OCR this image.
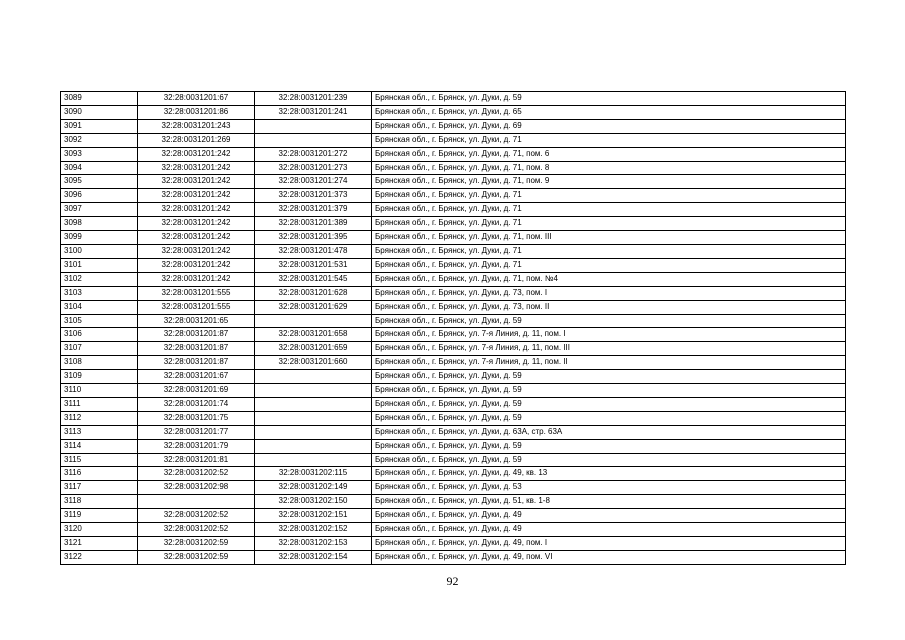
3089	32:28:0031201:67	32:28:0031201:239	Брянская обл., г. Брянск, ул. Дуки, д. 59
3090	32:28:0031201:86	32:28:0031201:241	Брянская обл., г. Брянск, ул. Дуки, д. 65
3091	32:28:0031201:243		Брянская обл., г. Брянск, ул. Дуки, д. 69
3092	32:28:0031201:269		Брянская обл., г. Брянск, ул. Дуки, д. 71
3093	32:28:0031201:242	32:28:0031201:272	Брянская обл., г. Брянск, ул. Дуки, д. 71, пом. 6
3094	32:28:0031201:242	32:28:0031201:273	Брянская обл., г. Брянск, ул. Дуки, д. 71, пом. 8
3095	32:28:0031201:242	32:28:0031201:274	Брянская обл., г. Брянск, ул. Дуки, д. 71, пом. 9
3096	32:28:0031201:242	32:28:0031201:373	Брянская обл., г. Брянск, ул. Дуки, д. 71
3097	32:28:0031201:242	32:28:0031201:379	Брянская обл., г. Брянск, ул. Дуки, д. 71
3098	32:28:0031201:242	32:28:0031201:389	Брянская обл., г. Брянск, ул. Дуки, д. 71
3099	32:28:0031201:242	32:28:0031201:395	Брянская обл., г. Брянск, ул. Дуки, д. 71, пом. III
3100	32:28:0031201:242	32:28:0031201:478	Брянская обл., г. Брянск, ул. Дуки, д. 71
3101	32:28:0031201:242	32:28:0031201:531	Брянская обл., г. Брянск, ул. Дуки, д. 71
3102	32:28:0031201:242	32:28:0031201:545	Брянская обл., г. Брянск, ул. Дуки, д. 71, пом. №4
3103	32:28:0031201:555	32:28:0031201:628	Брянская обл., г. Брянск, ул. Дуки, д. 73, пом. I
3104	32:28:0031201:555	32:28:0031201:629	Брянская обл., г. Брянск, ул. Дуки, д. 73, пом. II
3105	32:28:0031201:65		Брянская обл., г. Брянск, ул. Дуки, д. 59
3106	32:28:0031201:87	32:28:0031201:658	Брянская обл., г. Брянск, ул. 7-я Линия, д. 11, пом. I
3107	32:28:0031201:87	32:28:0031201:659	Брянская обл., г. Брянск, ул. 7-я Линия, д. 11, пом. III
3108	32:28:0031201:87	32:28:0031201:660	Брянская обл., г. Брянск, ул. 7-я Линия, д. 11, пом. II
3109	32:28:0031201:67		Брянская обл., г. Брянск, ул. Дуки, д. 59
3110	32:28:0031201:69		Брянская обл., г. Брянск, ул. Дуки, д. 59
3111	32:28:0031201:74		Брянская обл., г. Брянск, ул. Дуки, д. 59
3112	32:28:0031201:75		Брянская обл., г. Брянск, ул. Дуки, д. 59
3113	32:28:0031201:77		Брянская обл., г. Брянск, ул. Дуки, д. 63А, стр. 63А
3114	32:28:0031201:79		Брянская обл., г. Брянск, ул. Дуки, д. 59
3115	32:28:0031201:81		Брянская обл., г. Брянск, ул. Дуки, д. 59
3116	32:28:0031202:52	32:28:0031202:115	Брянская обл., г. Брянск, ул. Дуки, д. 49, кв. 13
3117	32:28:0031202:98	32:28:0031202:149	Брянская обл., г. Брянск, ул. Дуки, д. 53
3118		32:28:0031202:150	Брянская обл., г. Брянск, ул. Дуки, д. 51, кв. 1-8
3119	32:28:0031202:52	32:28:0031202:151	Брянская обл., г. Брянск, ул. Дуки, д. 49
3120	32:28:0031202:52	32:28:0031202:152	Брянская обл., г. Брянск, ул. Дуки, д. 49
3121	32:28:0031202:59	32:28:0031202:153	Брянская обл., г. Брянск, ул. Дуки, д. 49, пом. I
3122	32:28:0031202:59	32:28:0031202:154	Брянская обл., г. Брянск, ул. Дуки, д. 49, пом. VI
92
